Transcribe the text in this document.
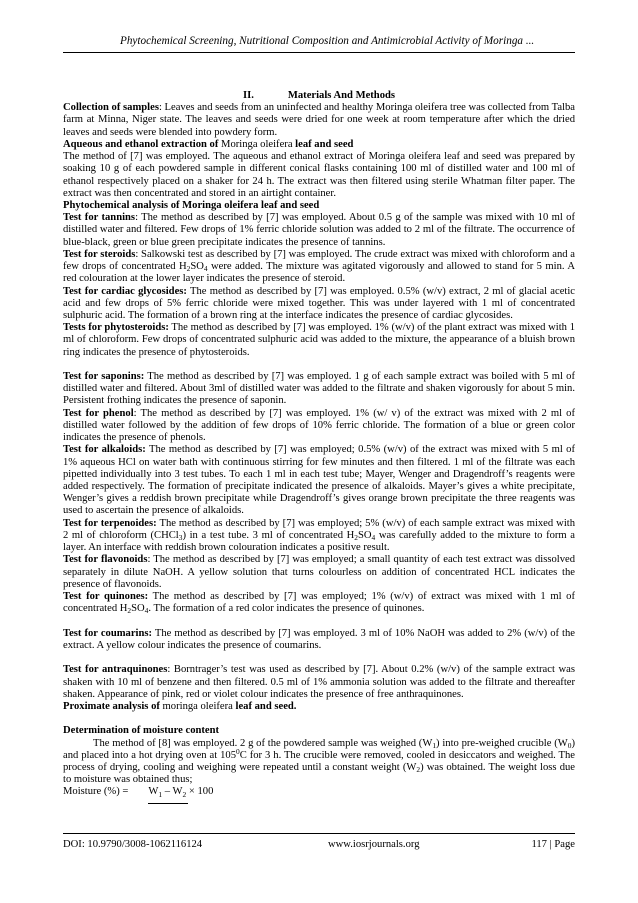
Phytochemical Screening, Nutritional Composition and Antimicrobial Activity of Moringa ...

II.	Materials And Methods

Collection of samples: Leaves and seeds from an uninfected and healthy Moringa oleifera tree was collected from Talba farm at Minna, Niger state. The leaves and seeds were dried for one week at room temperature after which the dried leaves and seeds were blended into powdery form.

Aqueous and ethanol extraction of Moringa oleifera leaf and seed

The method of [7] was employed. The aqueous and ethanol extract of Moringa oleifera leaf and seed was prepared by soaking 10 g of each powdered sample in different conical flasks containing 100 ml of distilled water and 100 ml of ethanol respectively placed on a shaker for 24 h. The extract was then filtered using sterile Whatman filter paper. The extract was then concentrated and stored in an airtight container.

Phytochemical analysis of Moringa oleifera leaf and seed

Test for tannins: The method as described by [7] was employed. About 0.5 g of the sample was mixed with 10 ml of distilled water and filtered. Few drops of 1% ferric chloride solution was added to 2 ml of the filtrate. The occurrence of blue-black, green or blue green precipitate indicates the presence of tannins.

Test for steroids: Salkowski test as described by [7] was employed. The crude extract was mixed with chloroform and a few drops of concentrated $H_2SO_4$ were added. The mixture was agitated vigorously and allowed to stand for 5 min. A red colouration at the lower layer indicates the presence of steroid.

Test for cardiac glycosides: The method as described by [7] was employed. 0.5% (w/v) extract, 2 ml of glacial acetic acid and few drops of 5% ferric chloride were mixed together. This was under layered with 1 ml of concentrated sulphuric acid. The formation of a brown ring at the interface indicates the presence of cardiac glycosides.

Tests for phytosteroids: The method as described by [7] was employed. 1% (w/v) of the plant extract was mixed with 1 ml of chloroform. Few drops of concentrated sulphuric acid was added to the mixture, the appearance of a bluish brown ring indicates the presence of phytosteroids.

Test for saponins: The method as described by [7] was employed. 1 g of each sample extract was boiled with 5 ml of distilled water and filtered. About 3ml of distilled water was added to the filtrate and shaken vigorously for about 5 min. Persistent frothing indicates the presence of saponin.

Test for phenol: The method as described by [7] was employed. 1% (w/ v) of the extract was mixed with 2 ml of distilled water followed by the addition of few drops of 10% ferric chloride. The formation of a blue or green color indicates the presence of phenols.

Test for alkaloids: The method as described by [7] was employed; 0.5% (w/v) of the extract was mixed with 5 ml of 1% aqueous HCl on water bath with continuous stirring for few minutes and then filtered. 1 ml of the filtrate was each pipetted individually into 3 test tubes. To each 1 ml in each test tube; Mayer, Wenger and Dragendroff’s reagents were added respectively. The formation of precipitate indicated the presence of alkaloids. Mayer’s gives a white precipitate, Wenger’s gives a reddish brown precipitate while Dragendroff’s gives orange brown precipitate the three reagents was used to ascertain the presence of alkaloids.

Test for terpenoides: The method as described by [7] was employed; 5% (w/v) of each sample extract was mixed with 2 ml of chloroform (CHCl$_3$) in a test tube. 3 ml of concentrated $H_2SO_4$ was carefully added to the mixture to form a layer. An interface with reddish brown colouration indicates a positive result.

Test for flavonoids: The method as described by [7] was employed; a small quantity of each test extract was dissolved separately in dilute NaOH. A yellow solution that turns colourless on addition of concentrated HCL indicates the presence of flavonoids.

Test for quinones: The method as described by [7] was employed; 1% (w/v) of extract was mixed with 1 ml of concentrated $H_2SO_4$. The formation of a red color indicates the presence of quinones.

Test for coumarins: The method as described by [7] was employed. 3 ml of 10% NaOH was added to 2% (w/v) of the extract. A yellow colour indicates the presence of coumarins.

Test for antraquinones: Borntrager’s test was used as described by [7]. About 0.2% (w/v) of the sample extract was shaken with 10 ml of benzene and then filtered. 0.5 ml of 1% ammonia solution was added to the filtrate and thereafter shaken. Appearance of pink, red or violet colour indicates the presence of free anthraquinones.

Proximate analysis of moringa oleifera leaf and seed.

Determination of moisture content

The method of [8] was employed. 2 g of the powdered sample was weighed $(W_1)$ into pre-weighed crucible $(W_0)$ and placed into a hot drying oven at $105^0C$ for 3 h. The crucible were removed, cooled in desiccators and weighed. The process of drying, cooling and weighing were repeated until a constant weight $(W_2)$ was obtained. The weight loss due to moisture was obtained thus;

Moisture (%) = $W_1 - W_2 \times 100$

DOI: 10.9790/3008-1062116124	www.iosrjournals.org	117 | Page
